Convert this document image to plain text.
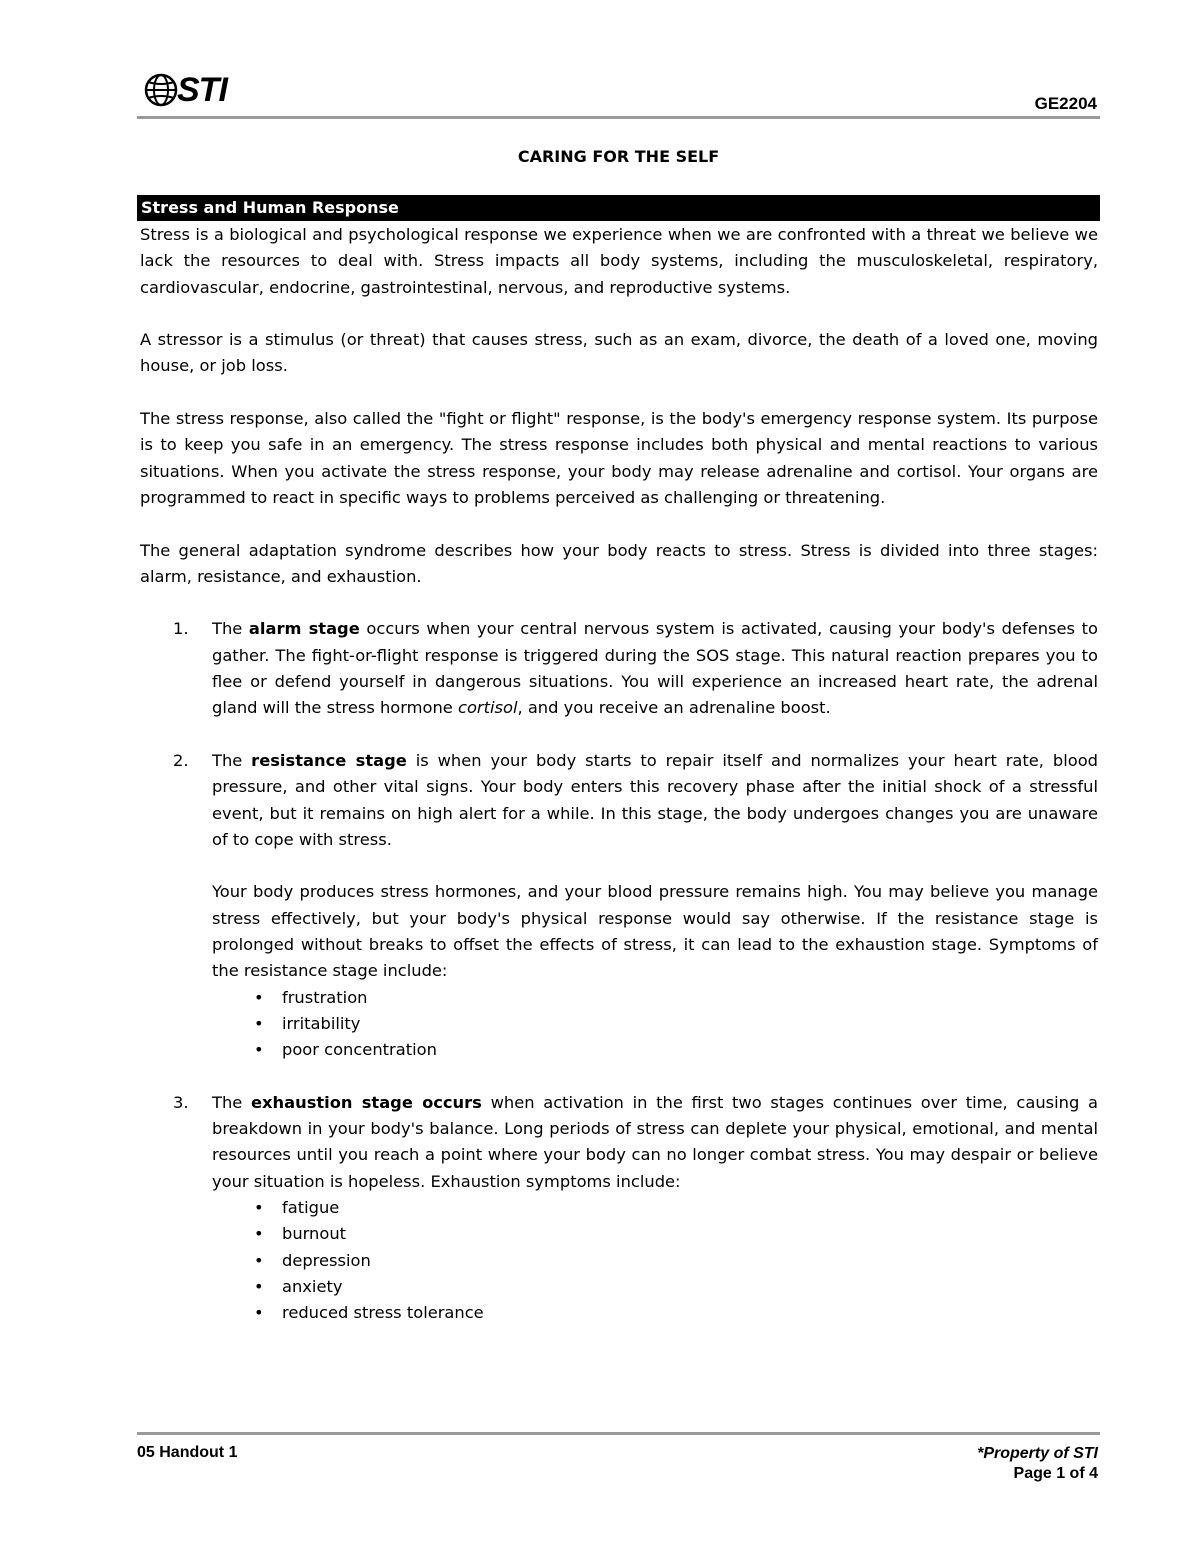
STI	GE2204
CARING FOR THE SELF
Stress and Human Response

Stress is a biological and psychological response we experience when we are confronted with a threat we believe we lack the resources to deal with. Stress impacts all body systems, including the musculoskeletal, respiratory, cardiovascular, endocrine, gastrointestinal, nervous, and reproductive systems.

A stressor is a stimulus (or threat) that causes stress, such as an exam, divorce, the death of a loved one, moving house, or job loss.

The stress response, also called the "fight or flight" response, is the body's emergency response system. Its purpose is to keep you safe in an emergency. The stress response includes both physical and mental reactions to various situations. When you activate the stress response, your body may release adrenaline and cortisol. Your organs are programmed to react in specific ways to problems perceived as challenging or threatening.

The general adaptation syndrome describes how your body reacts to stress. Stress is divided into three stages: alarm, resistance, and exhaustion.

1. The alarm stage occurs when your central nervous system is activated, causing your body's defenses to gather. The fight-or-flight response is triggered during the SOS stage. This natural reaction prepares you to flee or defend yourself in dangerous situations. You will experience an increased heart rate, the adrenal gland will the stress hormone cortisol, and you receive an adrenaline boost.
2. The resistance stage is when your body starts to repair itself and normalizes your heart rate, blood pressure, and other vital signs. Your body enters this recovery phase after the initial shock of a stressful event, but it remains on high alert for a while. In this stage, the body undergoes changes you are unaware of to cope with stress.
Your body produces stress hormones, and your blood pressure remains high. You may believe you manage stress effectively, but your body's physical response would say otherwise. If the resistance stage is prolonged without breaks to offset the effects of stress, it can lead to the exhaustion stage. Symptoms of the resistance stage include:
• frustration
• irritability
• poor concentration
3. The exhaustion stage occurs when activation in the first two stages continues over time, causing a breakdown in your body's balance. Long periods of stress can deplete your physical, emotional, and mental resources until you reach a point where your body can no longer combat stress. You may despair or believe your situation is hopeless. Exhaustion symptoms include:
• fatigue
• burnout
• depression
• anxiety
• reduced stress tolerance
05 Handout 1	*Property of STI
Page 1 of 4
